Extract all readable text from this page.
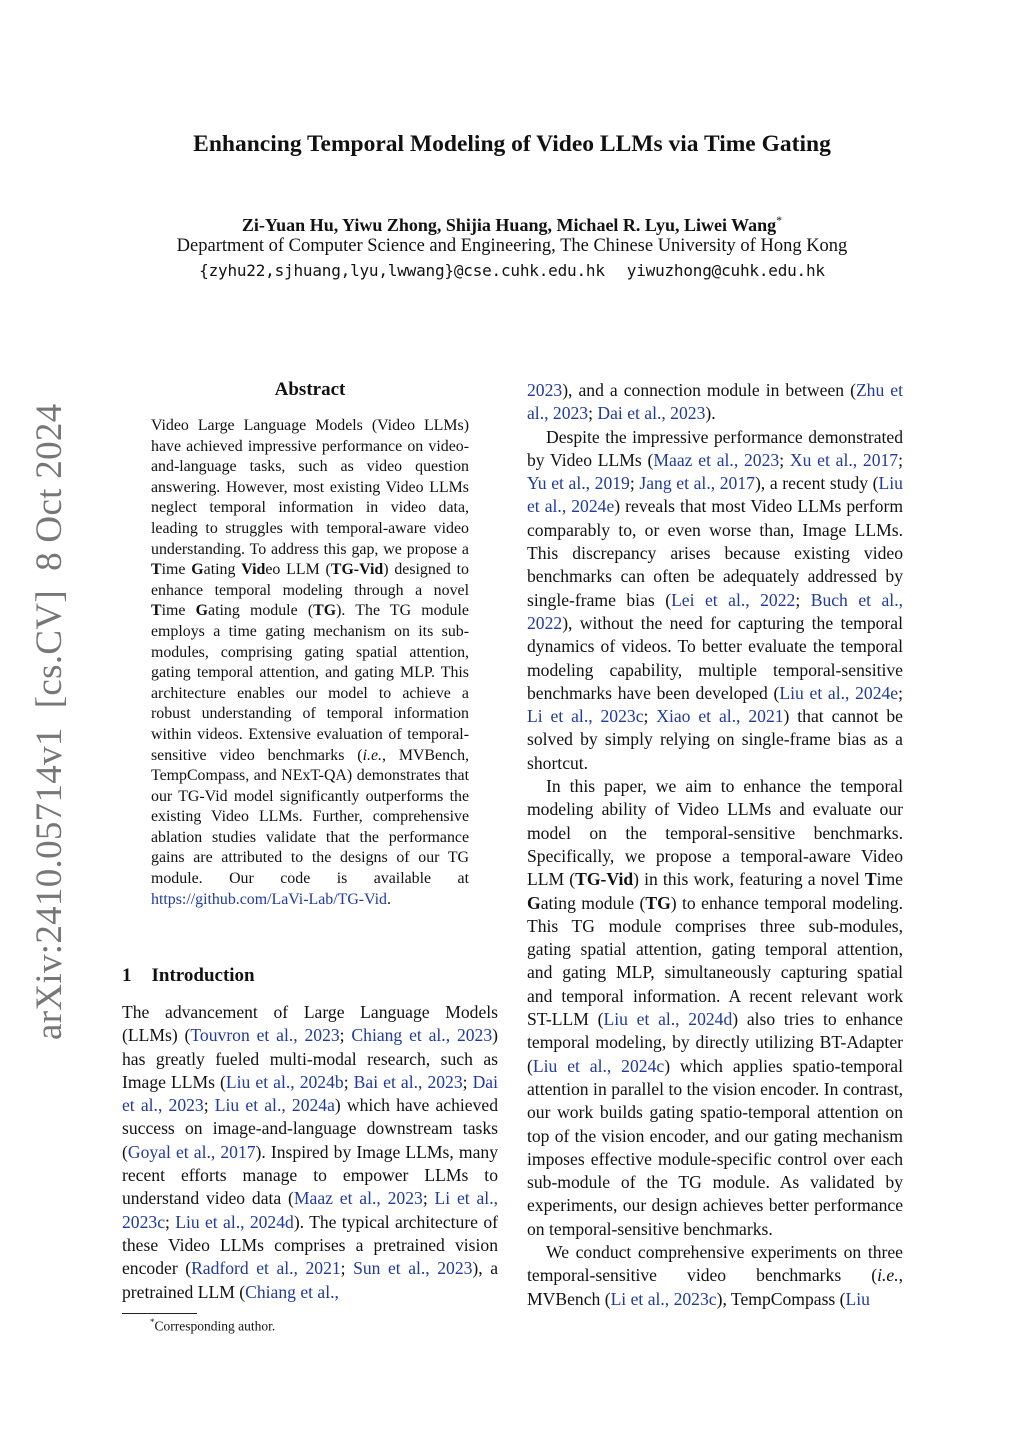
Enhancing Temporal Modeling of Video LLMs via Time Gating
Zi-Yuan Hu, Yiwu Zhong, Shijia Huang, Michael R. Lyu, Liwei Wang*
Department of Computer Science and Engineering, The Chinese University of Hong Kong
{zyhu22,sjhuang,lyu,lwwang}@cse.cuhk.edu.hk yiwuzhong@cuhk.edu.hk
arXiv:2410.05714v1  [cs.CV]  8 Oct 2024
Abstract
Video Large Language Models (Video LLMs) have achieved impressive performance on video-and-language tasks, such as video question answering. However, most existing Video LLMs neglect temporal information in video data, leading to struggles with temporal-aware video understanding. To address this gap, we propose a Time Gating Video LLM (TG-Vid) designed to enhance temporal modeling through a novel Time Gating module (TG). The TG module employs a time gating mechanism on its sub-modules, comprising gating spatial attention, gating temporal attention, and gating MLP. This architecture enables our model to achieve a robust understanding of temporal information within videos. Extensive evaluation of temporal-sensitive video benchmarks (i.e., MVBench, TempCompass, and NExT-QA) demonstrates that our TG-Vid model significantly outperforms the existing Video LLMs. Further, comprehensive ablation studies validate that the performance gains are attributed to the designs of our TG module. Our code is available at https://github.com/LaVi-Lab/TG-Vid.
1 Introduction

The advancement of Large Language Models (LLMs) (Touvron et al., 2023; Chiang et al., 2023) has greatly fueled multi-modal research, such as Image LLMs (Liu et al., 2024b; Bai et al., 2023; Dai et al., 2023; Liu et al., 2024a) which have achieved success on image-and-language downstream tasks (Goyal et al., 2017). Inspired by Image LLMs, many recent efforts manage to empower LLMs to understand video data (Maaz et al., 2023; Li et al., 2023c; Liu et al., 2024d). The typical architecture of these Video LLMs comprises a pretrained vision encoder (Radford et al., 2021; Sun et al., 2023), a pretrained LLM (Chiang et al.,

2023), and a connection module in between (Zhu et al., 2023; Dai et al., 2023).

Despite the impressive performance demonstrated by Video LLMs (Maaz et al., 2023; Xu et al., 2017; Yu et al., 2019; Jang et al., 2017), a recent study (Liu et al., 2024e) reveals that most Video LLMs perform comparably to, or even worse than, Image LLMs. This discrepancy arises because existing video benchmarks can often be adequately addressed by single-frame bias (Lei et al., 2022; Buch et al., 2022), without the need for capturing the temporal dynamics of videos. To better evaluate the temporal modeling capability, multiple temporal-sensitive benchmarks have been developed (Liu et al., 2024e; Li et al., 2023c; Xiao et al., 2021) that cannot be solved by simply relying on single-frame bias as a shortcut.

In this paper, we aim to enhance the temporal modeling ability of Video LLMs and evaluate our model on the temporal-sensitive benchmarks. Specifically, we propose a temporal-aware Video LLM (TG-Vid) in this work, featuring a novel Time Gating module (TG) to enhance temporal modeling. This TG module comprises three sub-modules, gating spatial attention, gating temporal attention, and gating MLP, simultaneously capturing spatial and temporal information. A recent relevant work ST-LLM (Liu et al., 2024d) also tries to enhance temporal modeling, by directly utilizing BT-Adapter (Liu et al., 2024c) which applies spatio-temporal attention in parallel to the vision encoder. In contrast, our work builds gating spatio-temporal attention on top of the vision encoder, and our gating mechanism imposes effective module-specific control over each sub-module of the TG module. As validated by experiments, our design achieves better performance on temporal-sensitive benchmarks.

We conduct comprehensive experiments on three temporal-sensitive video benchmarks (i.e., MVBench (Li et al., 2023c), TempCompass (Liu

*Corresponding author.
